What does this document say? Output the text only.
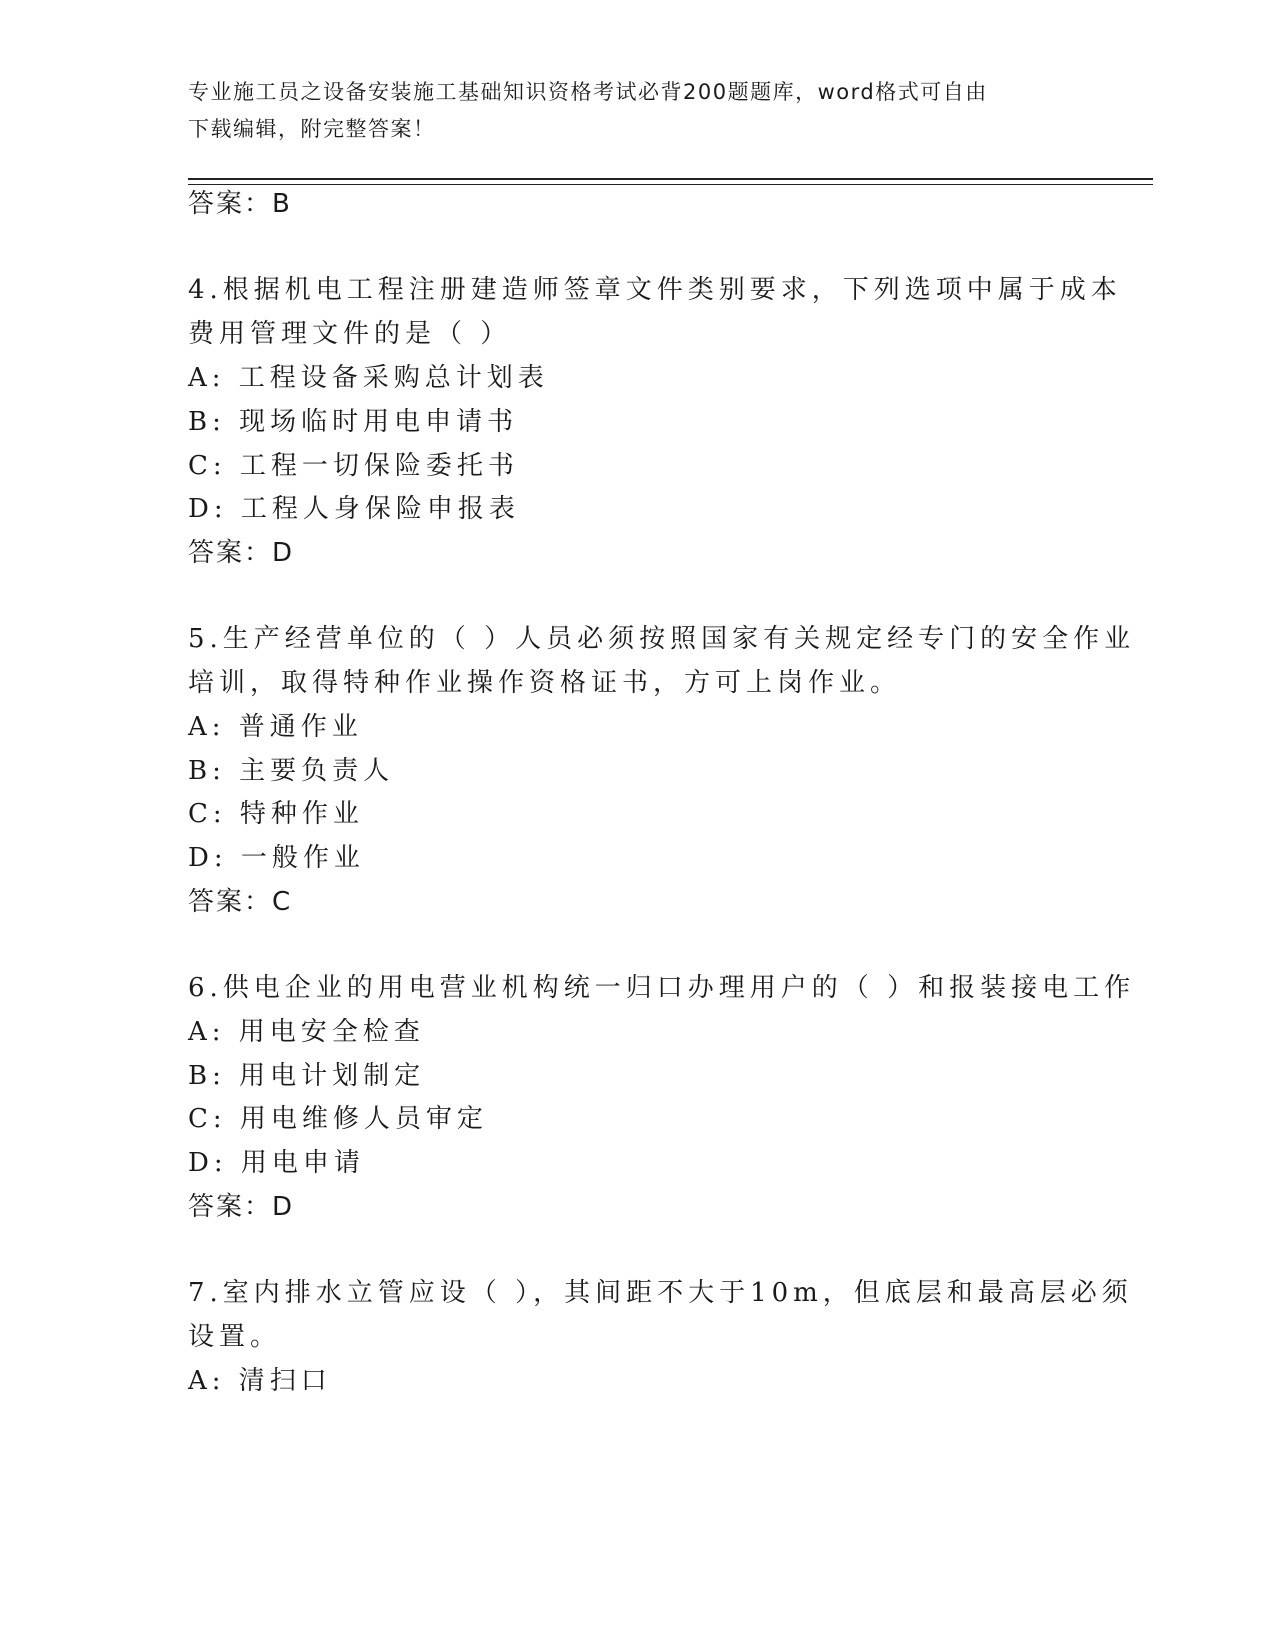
专业施工员之设备安装施工基础知识资格考试必背200题题库，word格式可自由
下载编辑，附完整答案！
答案：B
4.根据机电工程注册建造师签章文件类别要求，下列选项中属于成本
费用管理文件的是（ ）
A: 工程设备采购总计划表
B: 现场临时用电申请书
C: 工程一切保险委托书
D: 工程人身保险申报表
答案：D
5.生产经营单位的（ ）人员必须按照国家有关规定经专门的安全作业
培训，取得特种作业操作资格证书，方可上岗作业。
A: 普通作业
B: 主要负责人
C: 特种作业
D: 一般作业
答案：C
6.供电企业的用电营业机构统一归口办理用户的（ ）和报装接电工作
A: 用电安全检查
B: 用电计划制定
C: 用电维修人员审定
D: 用电申请
答案：D
7.室内排水立管应设（ ），其间距不大于10m，但底层和最高层必须
设置。
A: 清扫口
